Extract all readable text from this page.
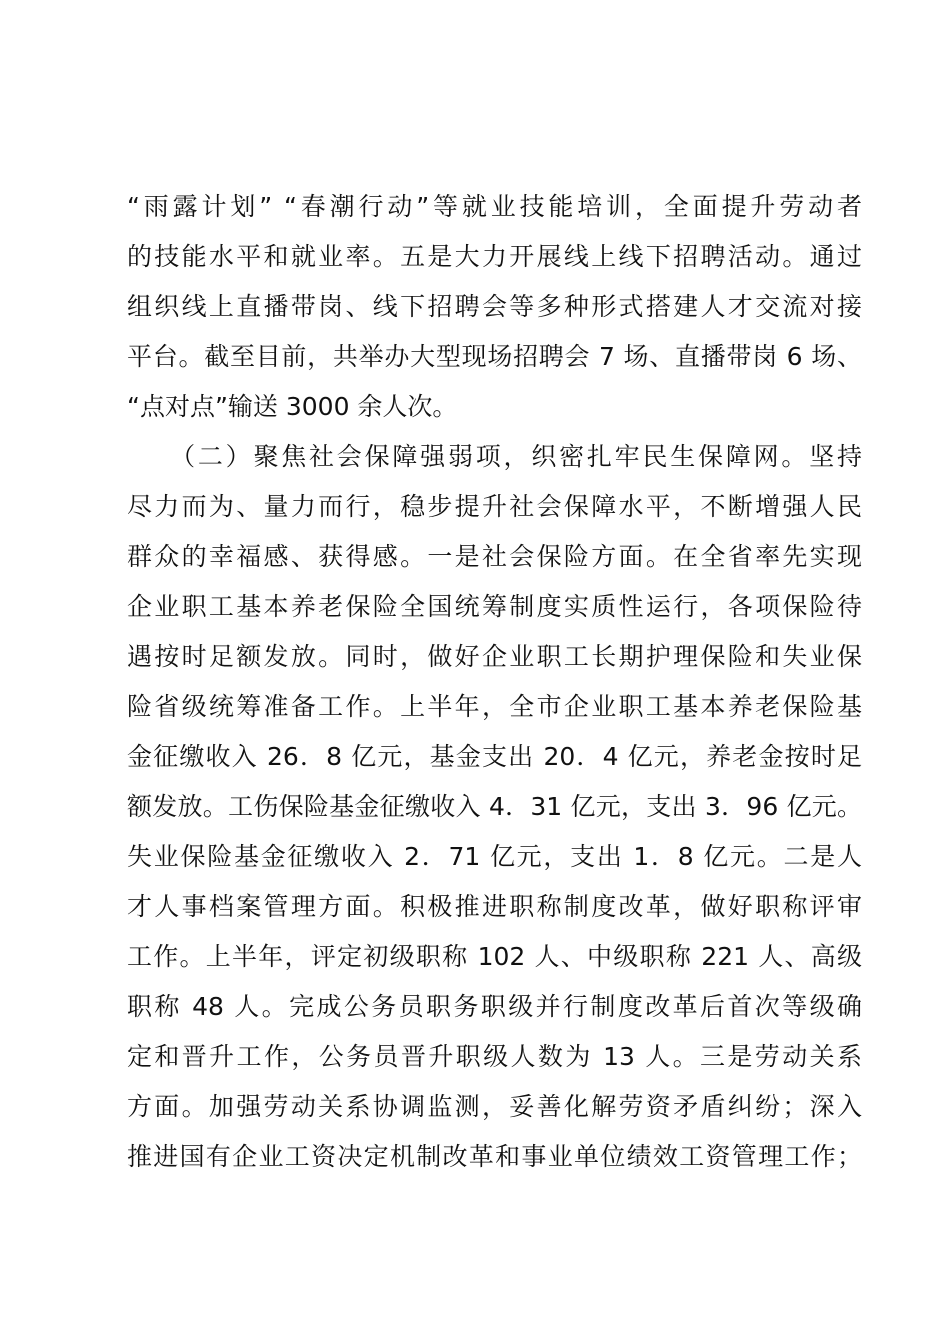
“雨露计划” “春潮行动”等就业技能培训，全面提升劳动者
的技能水平和就业率。五是大力开展线上线下招聘活动。通过
组织线上直播带岗、线下招聘会等多种形式搭建人才交流对接
平台。截至目前，共举办大型现场招聘会 7 场、直播带岗 6 场、
“点对点”输送 3000 余人次。
　　（二）聚焦社会保障强弱项，织密扎牢民生保障网。坚持
尽力而为、量力而行，稳步提升社会保障水平，不断增强人民
群众的幸福感、获得感。一是社会保险方面。在全省率先实现
企业职工基本养老保险全国统筹制度实质性运行，各项保险待
遇按时足额发放。同时，做好企业职工长期护理保险和失业保
险省级统筹准备工作。上半年，全市企业职工基本养老保险基
金征缴收入 26．8 亿元，基金支出 20．4 亿元，养老金按时足
额发放。工伤保险基金征缴收入 4．31 亿元，支出 3．96 亿元。
失业保险基金征缴收入 2．71 亿元，支出 1．8 亿元。二是人
才人事档案管理方面。积极推进职称制度改革，做好职称评审
工作。上半年，评定初级职称 102 人、中级职称 221 人、高级
职称 48 人。完成公务员职务职级并行制度改革后首次等级确
定和晋升工作，公务员晋升职级人数为 13 人。三是劳动关系
方面。加强劳动关系协调监测，妥善化解劳资矛盾纠纷；深入
推进国有企业工资决定机制改革和事业单位绩效工资管理工作；
